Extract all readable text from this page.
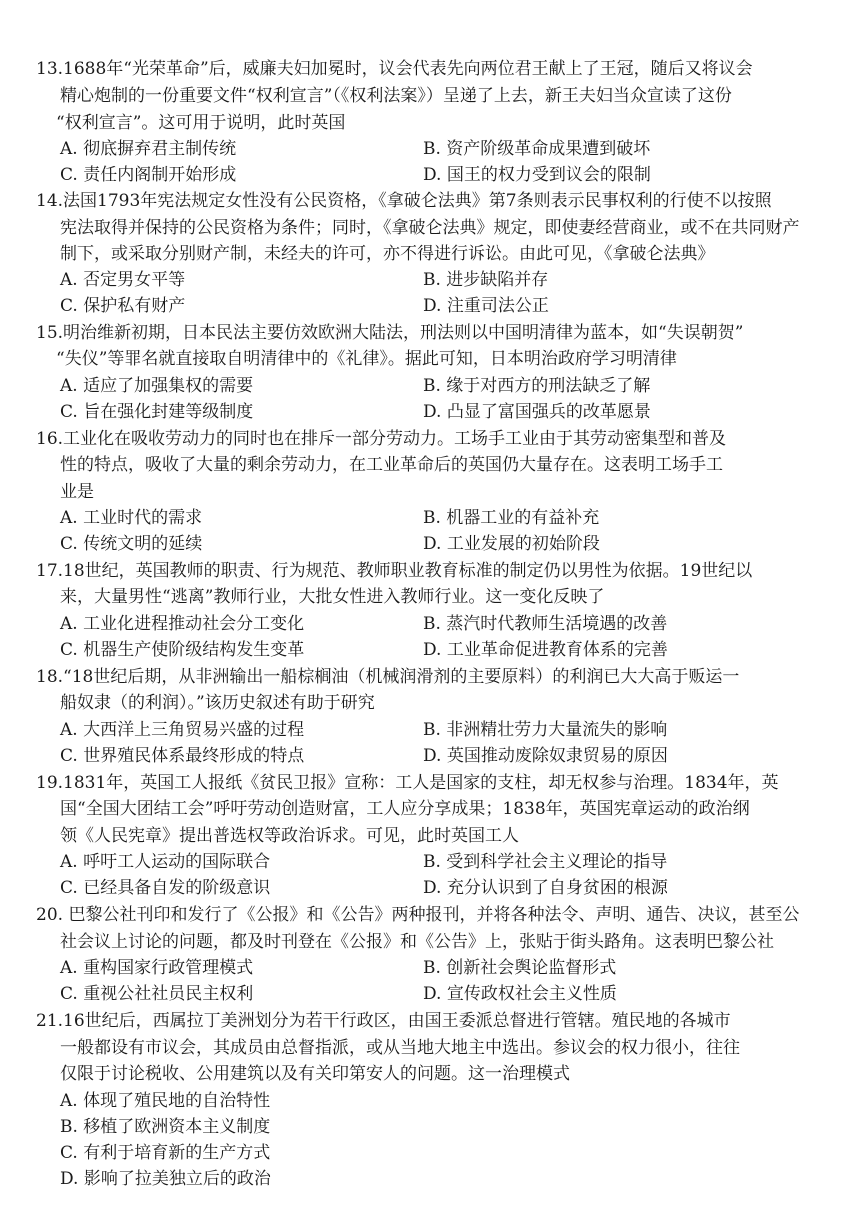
13.1688年“光荣革命”后，威廉夫妇加冕时，议会代表先向两位君王献上了王冠，随后又将议会
精心炮制的一份重要文件“权利宣言”（《权利法案》）呈递了上去，新王夫妇当众宣读了这份
“权利宣言”。这可用于说明，此时英国
A. 彻底摒弃君主制传统	B. 资产阶级革命成果遭到破坏
C. 责任内阁制开始形成	D. 国王的权力受到议会的限制
14.法国1793年宪法规定女性没有公民资格，《拿破仑法典》第7条则表示民事权利的行使不以按照
宪法取得并保持的公民资格为条件；同时，《拿破仑法典》规定，即使妻经营商业，或不在共同财产
制下，或采取分别财产制，未经夫的许可，亦不得进行诉讼。由此可见，《拿破仑法典》
A. 否定男女平等	B. 进步缺陷并存
C. 保护私有财产	D. 注重司法公正
15.明治维新初期，日本民法主要仿效欧洲大陆法，刑法则以中国明清律为蓝本，如“失误朝贺”
“失仪”等罪名就直接取自明清律中的《礼律》。据此可知，日本明治政府学习明清律
A. 适应了加强集权的需要	B. 缘于对西方的刑法缺乏了解
C. 旨在强化封建等级制度	D. 凸显了富国强兵的改革愿景
16.工业化在吸收劳动力的同时也在排斥一部分劳动力。工场手工业由于其劳动密集型和普及
性的特点，吸收了大量的剩余劳动力，在工业革命后的英国仍大量存在。这表明工场手工
业是
A. 工业时代的需求	B. 机器工业的有益补充
C. 传统文明的延续	D. 工业发展的初始阶段
17.18世纪，英国教师的职责、行为规范、教师职业教育标准的制定仍以男性为依据。19世纪以
来，大量男性“逃离”教师行业，大批女性进入教师行业。这一变化反映了
A. 工业化进程推动社会分工变化	B. 蒸汽时代教师生活境遇的改善
C. 机器生产使阶级结构发生变革	D. 工业革命促进教育体系的完善
18.“18世纪后期，从非洲输出一船棕榈油（机械润滑剂的主要原料）的利润已大大高于贩运一
船奴隶（的利润）。”该历史叙述有助于研究
A. 大西洋上三角贸易兴盛的过程	B. 非洲精壮劳力大量流失的影响
C. 世界殖民体系最终形成的特点	D. 英国推动废除奴隶贸易的原因
19.1831年，英国工人报纸《贫民卫报》宣称：工人是国家的支柱，却无权参与治理。1834年，英
国“全国大团结工会”呼吁劳动创造财富，工人应分享成果；1838年，英国宪章运动的政治纲
领《人民宪章》提出普选权等政治诉求。可见，此时英国工人
A. 呼吁工人运动的国际联合	B. 受到科学社会主义理论的指导
C. 已经具备自发的阶级意识	D. 充分认识到了自身贫困的根源
20. 巴黎公社刊印和发行了《公报》和《公告》两种报刊，并将各种法令、声明、通告、决议，甚至公
社会议上讨论的问题，都及时刊登在《公报》和《公告》上，张贴于街头路角。这表明巴黎公社
A. 重构国家行政管理模式	B. 创新社会舆论监督形式
C. 重视公社社员民主权利	D. 宣传政权社会主义性质
21.16世纪后，西属拉丁美洲划分为若干行政区，由国王委派总督进行管辖。殖民地的各城市
一般都设有市议会，其成员由总督指派，或从当地大地主中选出。参议会的权力很小，往往
仅限于讨论税收、公用建筑以及有关印第安人的问题。这一治理模式
A. 体现了殖民地的自治特性
B. 移植了欧洲资本主义制度
C. 有利于培育新的生产方式
D. 影响了拉美独立后的政治
